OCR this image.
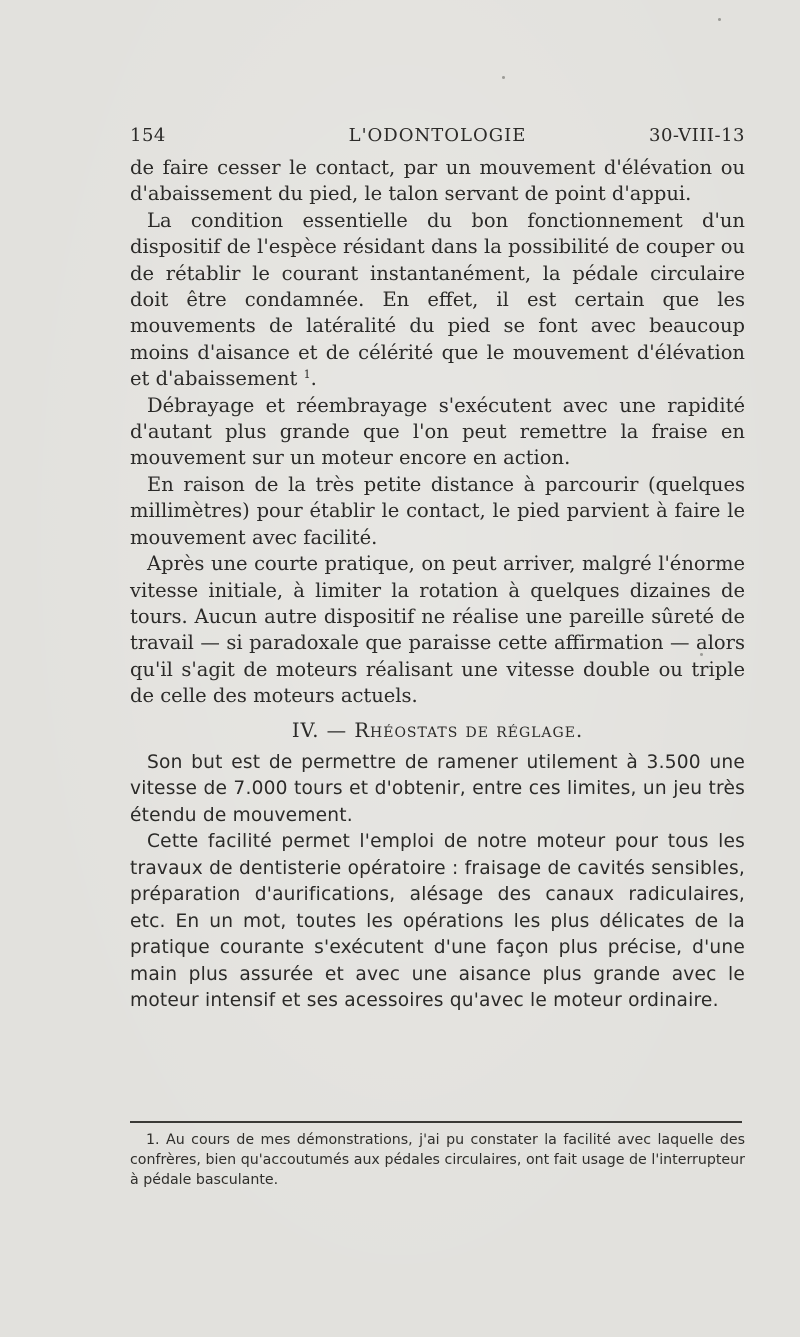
154	L'ODONTOLOGIE	30-VIII-13

de faire cesser le contact, par un mouvement d'élévation ou d'abaissement du pied, le talon servant de point d'appui.

La condition essentielle du bon fonctionnement d'un dispositif de l'espèce résidant dans la possibilité de couper ou de rétablir le courant instantanément, la pédale circulaire doit être condamnée. En effet, il est certain que les mouvements de latéralité du pied se font avec beaucoup moins d'aisance et de célérité que le mouvement d'élévation et d'abaissement $^1$.

Débrayage et réembrayage s'exécutent avec une rapidité d'autant plus grande que l'on peut remettre la fraise en mouvement sur un moteur encore en action.

En raison de la très petite distance à parcourir (quelques millimètres) pour établir le contact, le pied parvient à faire le mouvement avec facilité.

Après une courte pratique, on peut arriver, malgré l'énorme vitesse initiale, à limiter la rotation à quelques dizaines de tours. Aucun autre dispositif ne réalise une pareille sûreté de travail — si paradoxale que paraisse cette affirmation — alors qu'il s'agit de moteurs réalisant une vitesse double ou triple de celle des moteurs actuels.

IV. — Rhéostats de réglage.

Son but est de permettre de ramener utilement à 3.500 une vitesse de 7.000 tours et d'obtenir, entre ces limites, un jeu très étendu de mouvement.

Cette facilité permet l'emploi de notre moteur pour tous les travaux de dentisterie opératoire : fraisage de cavités sensibles, préparation d'aurifications, alésage des canaux radiculaires, etc. En un mot, toutes les opérations les plus délicates de la pratique courante s'exécutent d'une façon plus précise, d'une main plus assurée et avec une aisance plus grande avec le moteur intensif et ses acessoires qu'avec le moteur ordinaire.

1. Au cours de mes démonstrations, j'ai pu constater la facilité avec laquelle des confrères, bien qu'accoutumés aux pédales circulaires, ont fait usage de l'interrupteur à pédale basculante.
